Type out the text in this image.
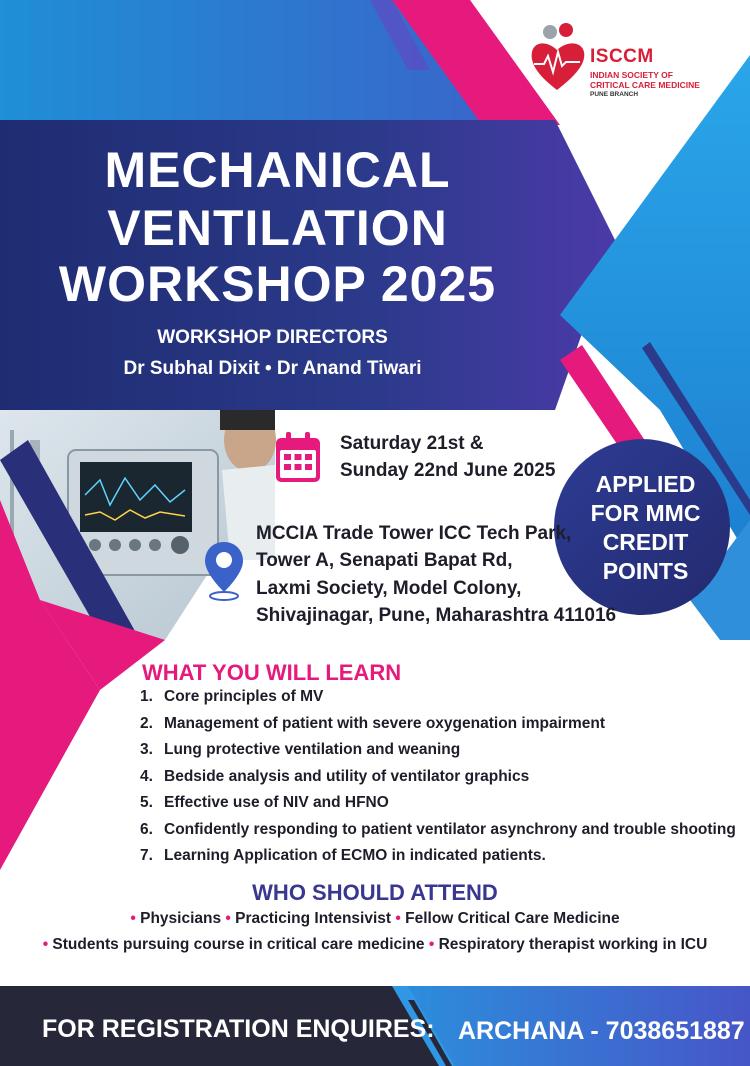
ISCCM
INDIAN SOCIETY OF
CRITICAL CARE MEDICINE
PUNE BRANCH
MECHANICAL
VENTILATION
WORKSHOP 2025
WORKSHOP DIRECTORS
Dr Subhal Dixit • Dr Anand Tiwari
Saturday 21st &
Sunday 22nd June 2025
MCCIA Trade Tower ICC Tech Park,
Tower A, Senapati Bapat Rd,
Laxmi Society, Model Colony,
Shivajinagar, Pune, Maharashtra 411016
APPLIED
FOR MMC
CREDIT
POINTS
WHAT YOU WILL LEARN
1. Core principles of MV
2. Management of patient with severe oxygenation impairment
3. Lung protective ventilation and weaning
4. Bedside analysis and utility of ventilator graphics
5. Effective use of NIV and HFNO
6. Confidently responding to patient ventilator asynchrony and trouble shooting
7. Learning Application of ECMO in indicated patients.
WHO SHOULD ATTEND
• Physicians • Practicing Intensivist • Fellow Critical Care Medicine
• Students pursuing course in critical care medicine • Respiratory therapist working in ICU
FOR REGISTRATION ENQUIRES: ARCHANA - 7038651887
